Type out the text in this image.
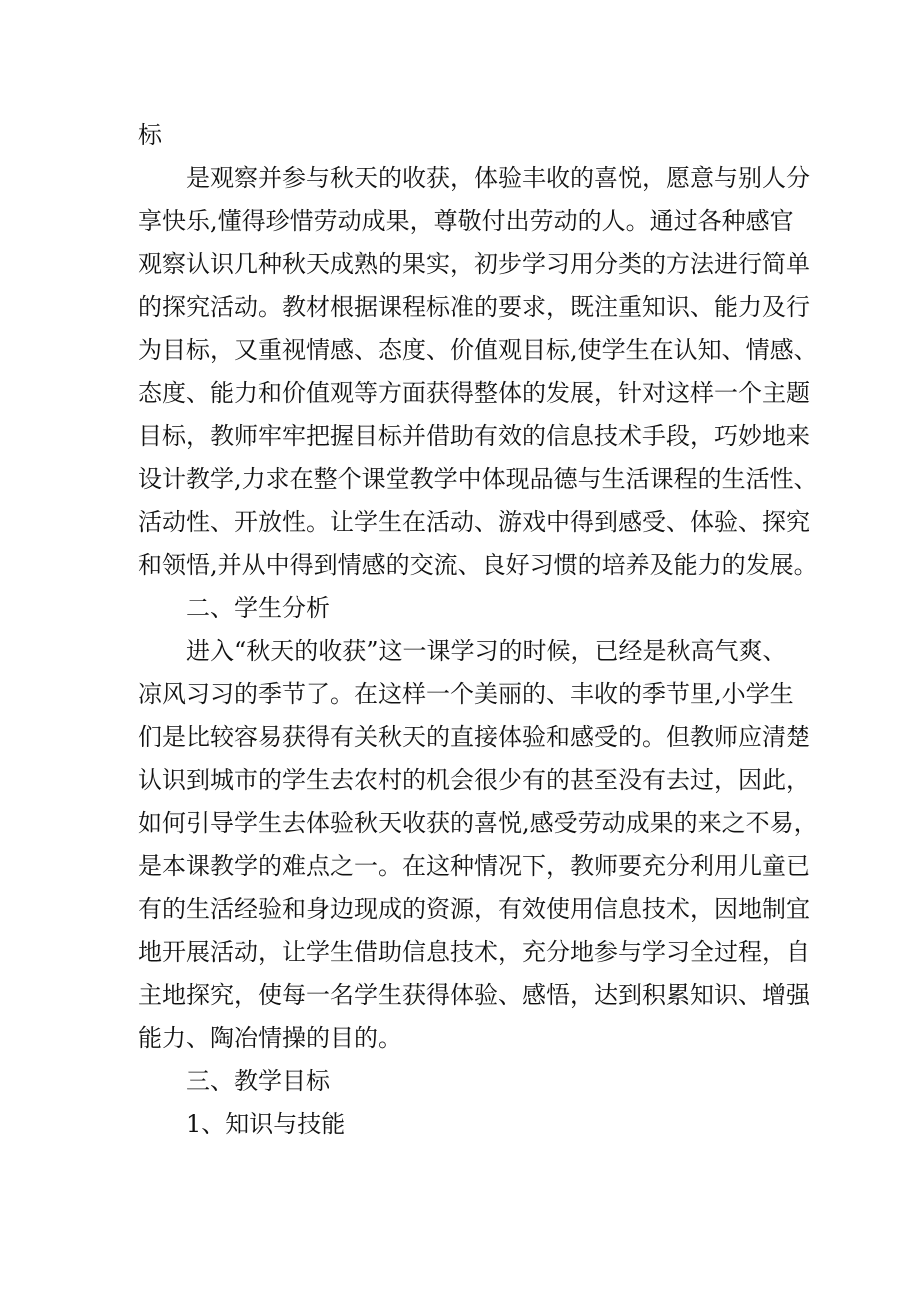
标
是观察并参与秋天的收获，体验丰收的喜悦，愿意与别人分
享快乐,懂得珍惜劳动成果，尊敬付出劳动的人。通过各种感官
观察认识几种秋天成熟的果实，初步学习用分类的方法进行简单
的探究活动。教材根据课程标准的要求，既注重知识、能力及行
为目标，又重视情感、态度、价值观目标,使学生在认知、情感、
态度、能力和价值观等方面获得整体的发展，针对这样一个主题
目标，教师牢牢把握目标并借助有效的信息技术手段，巧妙地来
设计教学,力求在整个课堂教学中体现品德与生活课程的生活性、
活动性、开放性。让学生在活动、游戏中得到感受、体验、探究
和领悟,并从中得到情感的交流、良好习惯的培养及能力的发展。
二、学生分析
进入“秋天的收获”这一课学习的时候，已经是秋高气爽、
凉风习习的季节了。在这样一个美丽的、丰收的季节里,小学生
们是比较容易获得有关秋天的直接体验和感受的。但教师应清楚
认识到城市的学生去农村的机会很少有的甚至没有去过，因此，
如何引导学生去体验秋天收获的喜悦,感受劳动成果的来之不易，
是本课教学的难点之一。在这种情况下，教师要充分利用儿童已
有的生活经验和身边现成的资源，有效使用信息技术，因地制宜
地开展活动，让学生借助信息技术，充分地参与学习全过程，自
主地探究，使每一名学生获得体验、感悟，达到积累知识、增强
能力、陶冶情操的目的。
三、教学目标
1、知识与技能
